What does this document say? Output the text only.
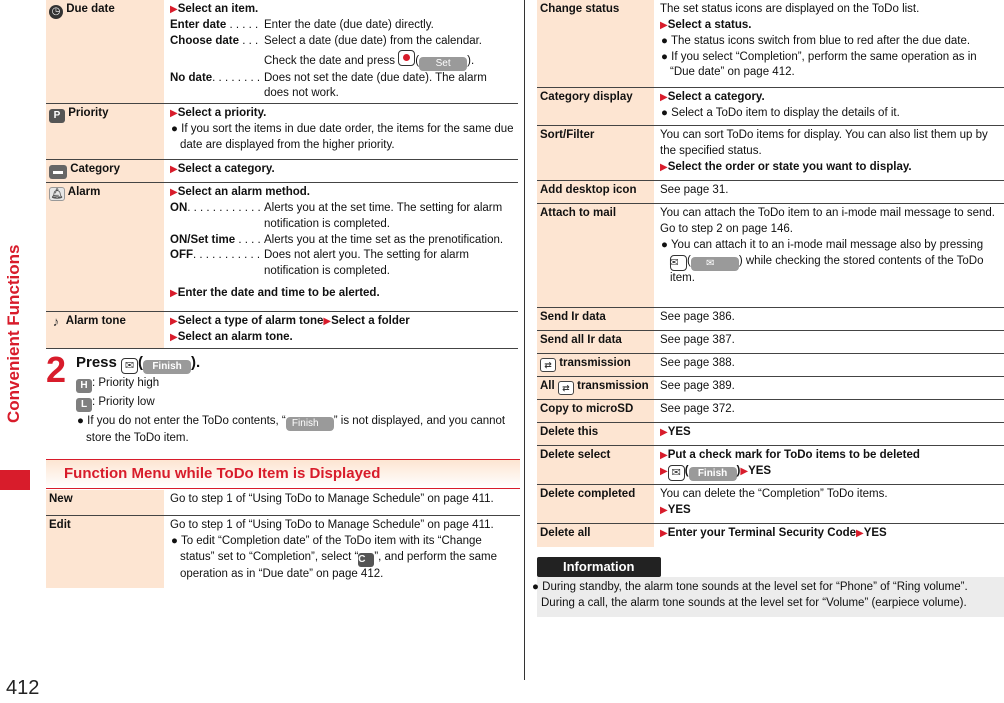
Convenient Functions
412
◷ Due date	▶Select an item.
Enter date . . . . . Enter the date (due date) directly.
Choose date . . . Select a date (due date) from the calendar. Check the date and press ( Set ).
No date. . . . . . . . Does not set the date (due date). The alarm does not work.
P Priority	▶Select a priority.
● If you sort the items in due date order, the items for the same due date are displayed from the higher priority.
▬ Category	▶Select a category.
🔔︎ Alarm	▶Select an alarm method.
ON. . . . . . . . . . . . Alerts you at the set time. The setting for alarm notification is completed.
ON/Set time . . . . Alerts you at the time set as the prenotification.
OFF. . . . . . . . . . . Does not alert you. The setting for alarm notification is completed.
▶Enter the date and time to be alerted.
♪ Alarm tone	▶Select a type of alarm tone▶Select a folder
▶Select an alarm tone.
2 Press ✉ ( Finish ).
H : Priority high
L : Priority low
● If you do not enter the ToDo contents, “ Finish ” is not displayed, and you cannot store the ToDo item.
Function Menu while ToDo Item is Displayed
New	Go to step 1 of “Using ToDo to Manage Schedule” on page 411.
Edit	Go to step 1 of “Using ToDo to Manage Schedule” on page 411.
● To edit “Completion date” of the ToDo item with its “Change status” set to “Completion”, select “C ”, and perform the same operation as in “Due date” on page 412.
Change status	The set status icons are displayed on the ToDo list.
▶Select a status.
● The status icons switch from blue to red after the due date.
● If you select “Completion”, perform the same operation as in “Due date” on page 412.
Category display	▶Select a category.
● Select a ToDo item to display the details of it.
Sort/Filter	You can sort ToDo items for display. You can also list them up by the specified status.
▶Select the order or state you want to display.
Add desktop icon	See page 31.
Attach to mail	You can attach the ToDo item to an i-mode mail message to send.
Go to step 2 on page 146.
● You can attach it to an i-mode mail message also by pressing ✉ ( ✉ ) while checking the stored contents of the ToDo item.
Send Ir data	See page 386.
Send all Ir data	See page 387.
⇄ transmission	See page 388.
All ⇄ transmission See page 389.
Copy to microSD	See page 372.
Delete this	▶YES
Delete select	▶Put a check mark for ToDo items to be deleted
▶ ✉ ( Finish )▶YES
Delete completed	You can delete the “Completion” ToDo items.
▶YES
Delete all	▶Enter your Terminal Security Code▶YES
Information
● During standby, the alarm tone sounds at the level set for “Phone” of “Ring volume”. During a call, the alarm tone sounds at the level set for “Volume” (earpiece volume).
